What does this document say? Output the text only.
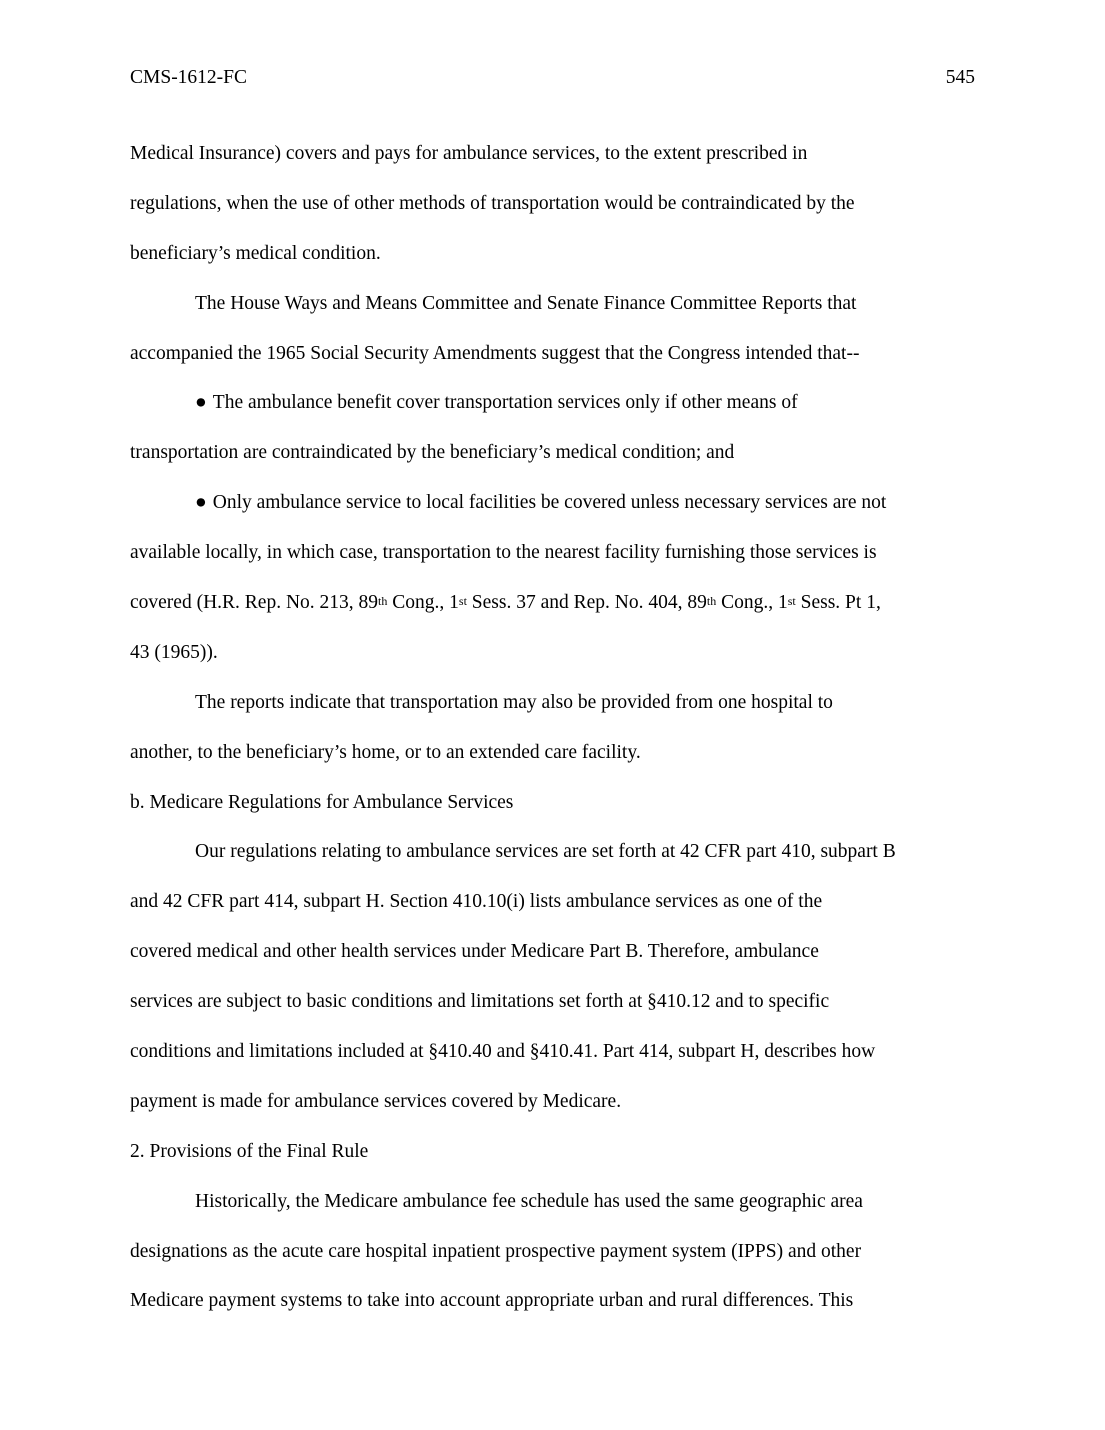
CMS-1612-FC	545
Medical Insurance) covers and pays for ambulance services, to the extent prescribed in
regulations, when the use of other methods of transportation would be contraindicated by the
beneficiary’s medical condition.
The House Ways and Means Committee and Senate Finance Committee Reports that
accompanied the 1965 Social Security Amendments suggest that the Congress intended that--
● The ambulance benefit cover transportation services only if other means of
transportation are contraindicated by the beneficiary’s medical condition; and
● Only ambulance service to local facilities be covered unless necessary services are not
available locally, in which case, transportation to the nearest facility furnishing those services is
covered (H.R. Rep. No. 213, 89th Cong., 1st Sess. 37 and Rep. No. 404, 89th Cong., 1st Sess. Pt 1,
43 (1965)).
The reports indicate that transportation may also be provided from one hospital to
another, to the beneficiary’s home, or to an extended care facility.
b. Medicare Regulations for Ambulance Services
Our regulations relating to ambulance services are set forth at 42 CFR part 410, subpart B
and 42 CFR part 414, subpart H. Section 410.10(i) lists ambulance services as one of the
covered medical and other health services under Medicare Part B. Therefore, ambulance
services are subject to basic conditions and limitations set forth at §410.12 and to specific
conditions and limitations included at §410.40 and §410.41. Part 414, subpart H, describes how
payment is made for ambulance services covered by Medicare.
2. Provisions of the Final Rule
Historically, the Medicare ambulance fee schedule has used the same geographic area
designations as the acute care hospital inpatient prospective payment system (IPPS) and other
Medicare payment systems to take into account appropriate urban and rural differences. This
